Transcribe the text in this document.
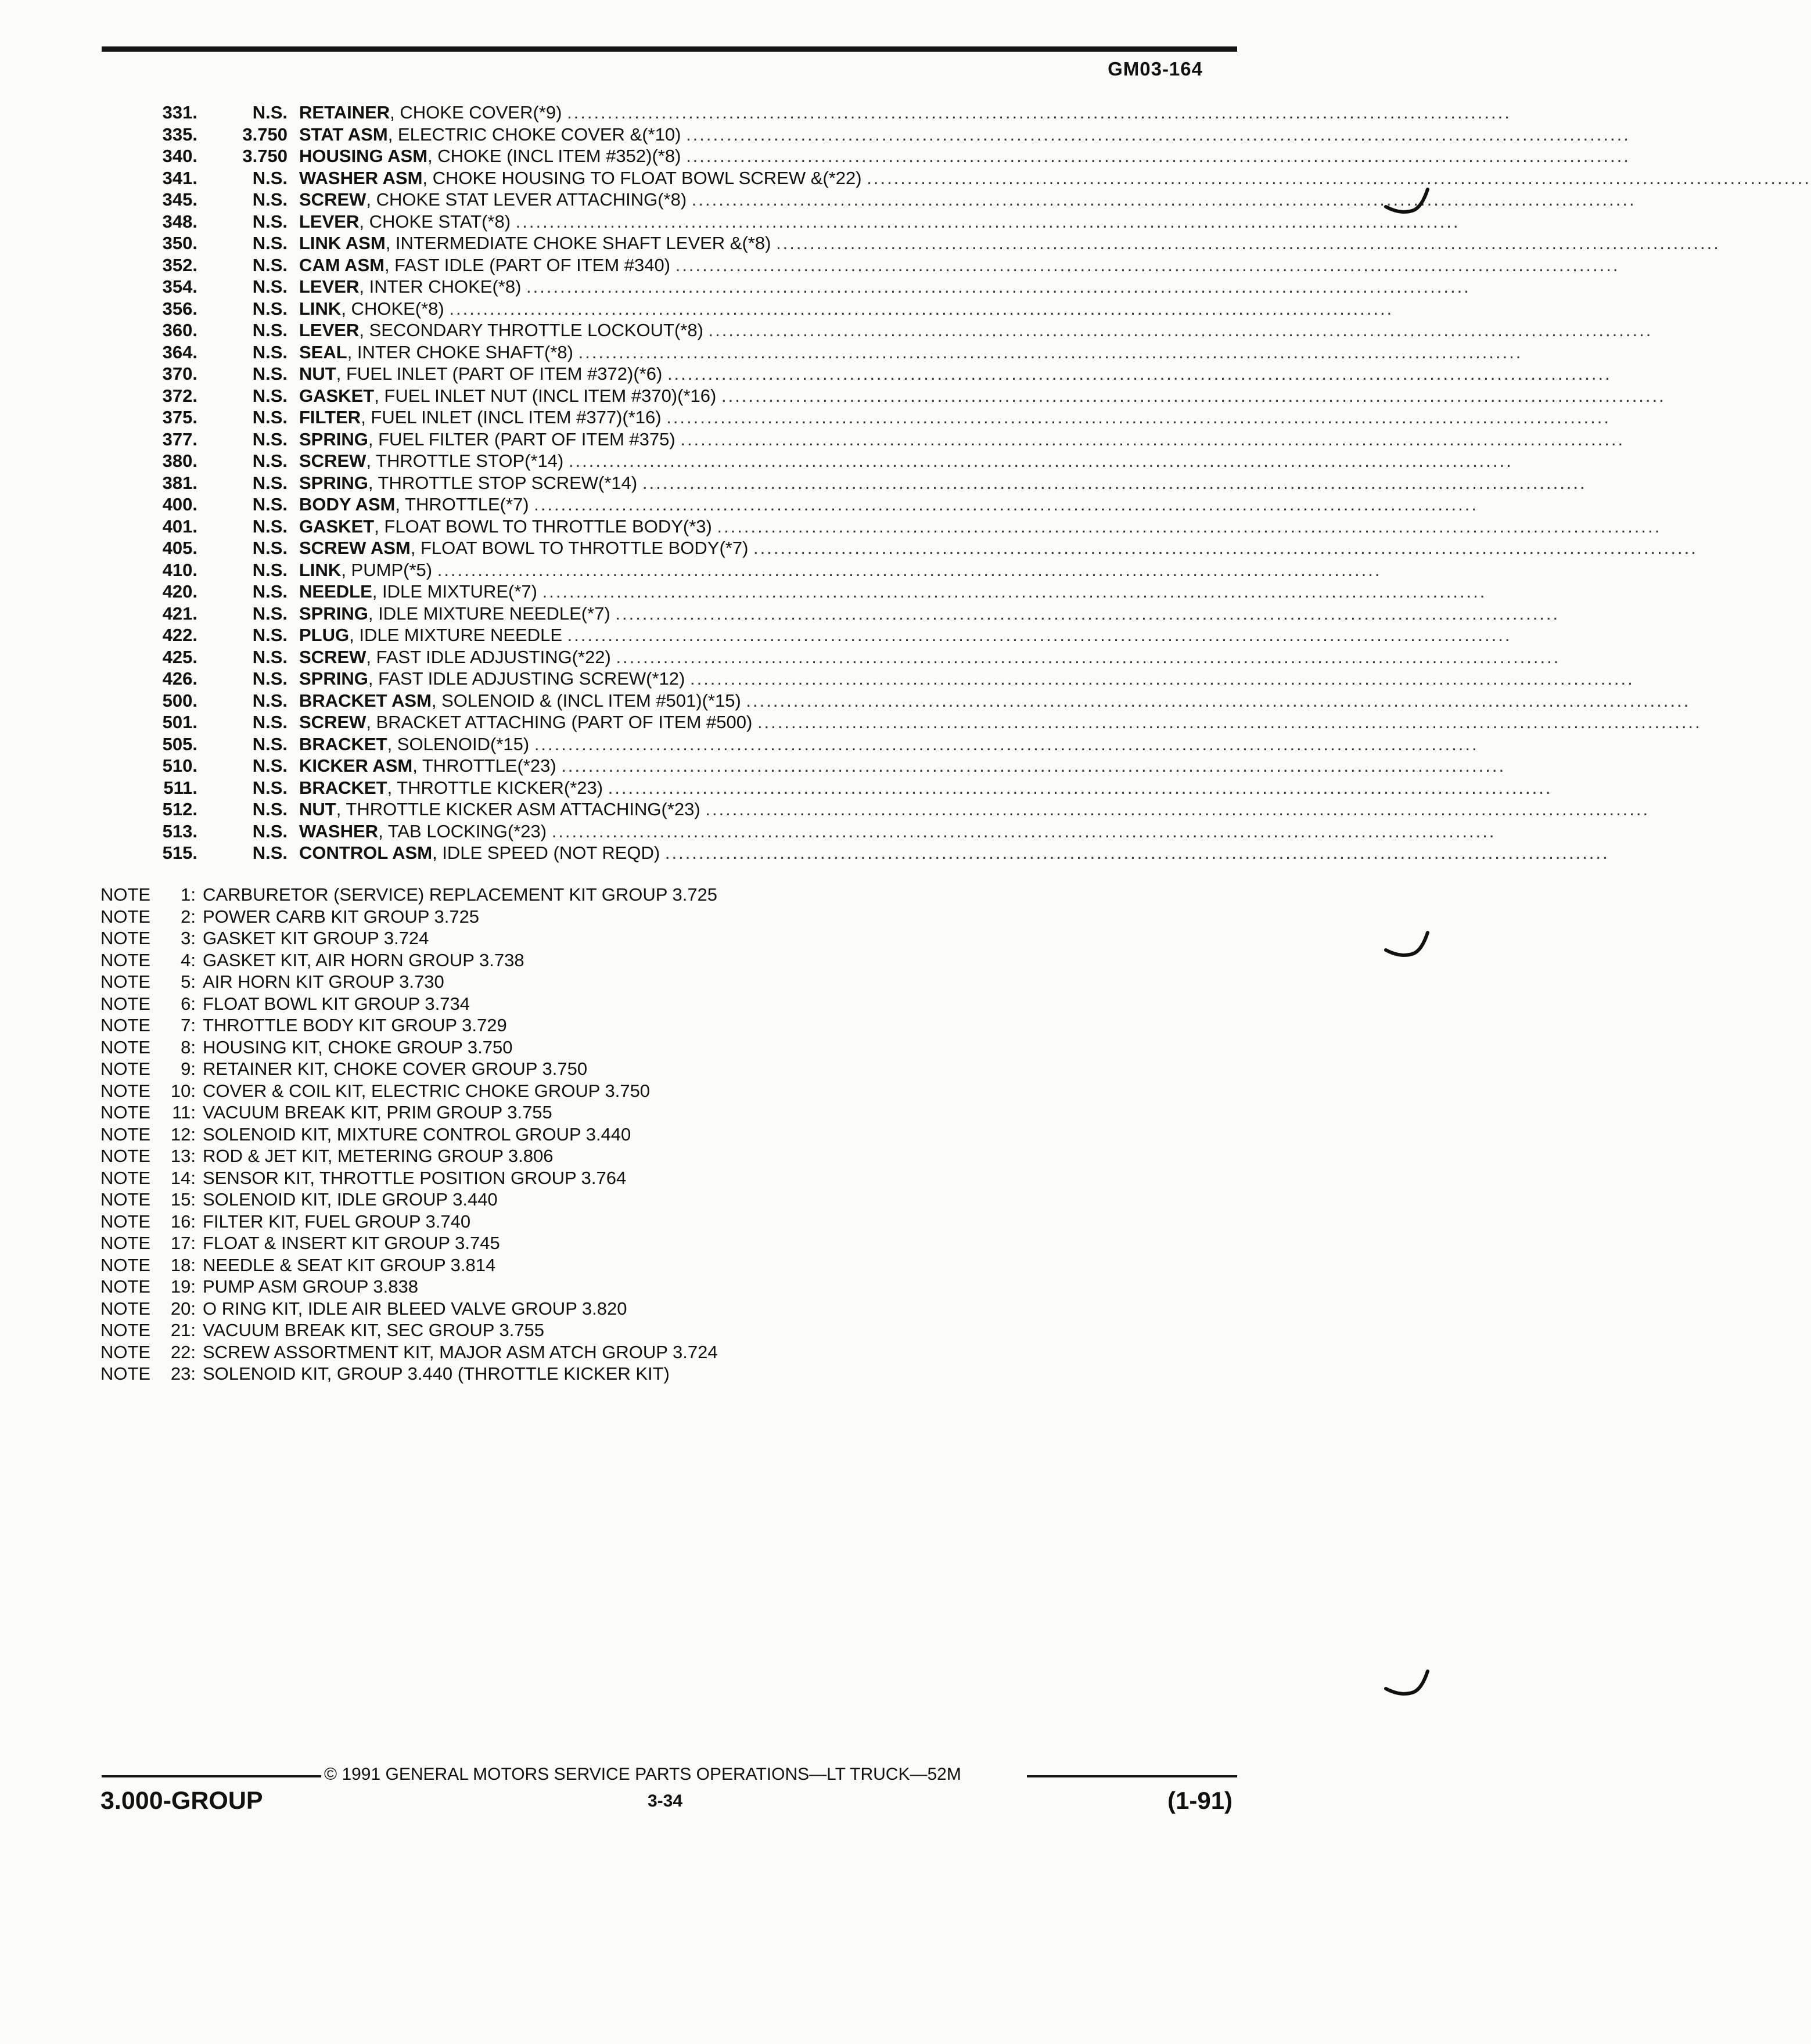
GM03-164
331.	N.S. RETAINER, CHOKE COVER(*9) ............................................................................................................................................
335.	3.750 STAT ASM, ELECTRIC CHOKE COVER &(*10) ............................................................................................................................................
340.	3.750 HOUSING ASM, CHOKE (INCL ITEM #352)(*8) ............................................................................................................................................
341.	N.S. WASHER ASM, CHOKE HOUSING TO FLOAT BOWL SCREW &(*22) ............................................................................................................................................
345.	N.S. SCREW, CHOKE STAT LEVER ATTACHING(*8) ............................................................................................................................................
348.	N.S. LEVER, CHOKE STAT(*8) ............................................................................................................................................
350.	N.S. LINK ASM, INTERMEDIATE CHOKE SHAFT LEVER &(*8) ............................................................................................................................................
352.	N.S. CAM ASM, FAST IDLE (PART OF ITEM #340) ............................................................................................................................................
354.	N.S. LEVER, INTER CHOKE(*8) ............................................................................................................................................
356.	N.S. LINK, CHOKE(*8) ............................................................................................................................................
360.	N.S. LEVER, SECONDARY THROTTLE LOCKOUT(*8) ............................................................................................................................................
364.	N.S. SEAL, INTER CHOKE SHAFT(*8) ............................................................................................................................................
370.	N.S. NUT, FUEL INLET (PART OF ITEM #372)(*6) ............................................................................................................................................
372.	N.S. GASKET, FUEL INLET NUT (INCL ITEM #370)(*16) ............................................................................................................................................
375.	N.S. FILTER, FUEL INLET (INCL ITEM #377)(*16) ............................................................................................................................................
377.	N.S. SPRING, FUEL FILTER (PART OF ITEM #375) ............................................................................................................................................
380.	N.S. SCREW, THROTTLE STOP(*14) ............................................................................................................................................
381.	N.S. SPRING, THROTTLE STOP SCREW(*14) ............................................................................................................................................
400.	N.S. BODY ASM, THROTTLE(*7) ............................................................................................................................................
401.	N.S. GASKET, FLOAT BOWL TO THROTTLE BODY(*3) ............................................................................................................................................
405.	N.S. SCREW ASM, FLOAT BOWL TO THROTTLE BODY(*7) ............................................................................................................................................
410.	N.S. LINK, PUMP(*5) ............................................................................................................................................
420.	N.S. NEEDLE, IDLE MIXTURE(*7) ............................................................................................................................................
421.	N.S. SPRING, IDLE MIXTURE NEEDLE(*7) ............................................................................................................................................
422.	N.S. PLUG, IDLE MIXTURE NEEDLE ............................................................................................................................................
425.	N.S. SCREW, FAST IDLE ADJUSTING(*22) ............................................................................................................................................
426.	N.S. SPRING, FAST IDLE ADJUSTING SCREW(*12) ............................................................................................................................................
500.	N.S. BRACKET ASM, SOLENOID & (INCL ITEM #501)(*15) ............................................................................................................................................
501.	N.S. SCREW, BRACKET ATTACHING (PART OF ITEM #500) ............................................................................................................................................
505.	N.S. BRACKET, SOLENOID(*15) ............................................................................................................................................
510.	N.S. KICKER ASM, THROTTLE(*23) ............................................................................................................................................
511.	N.S. BRACKET, THROTTLE KICKER(*23) ............................................................................................................................................
512.	N.S. NUT, THROTTLE KICKER ASM ATTACHING(*23) ............................................................................................................................................
513.	N.S. WASHER, TAB LOCKING(*23) ............................................................................................................................................
515.	N.S. CONTROL ASM, IDLE SPEED (NOT REQD) ............................................................................................................................................
NOTE 1: CARBURETOR (SERVICE) REPLACEMENT KIT GROUP 3.725
NOTE 2: POWER CARB KIT GROUP 3.725
NOTE 3: GASKET KIT GROUP 3.724
NOTE 4: GASKET KIT, AIR HORN GROUP 3.738
NOTE 5: AIR HORN KIT GROUP 3.730
NOTE 6: FLOAT BOWL KIT GROUP 3.734
NOTE 7: THROTTLE BODY KIT GROUP 3.729
NOTE 8: HOUSING KIT, CHOKE GROUP 3.750
NOTE 9: RETAINER KIT, CHOKE COVER GROUP 3.750
NOTE 10: COVER & COIL KIT, ELECTRIC CHOKE GROUP 3.750
NOTE 11: VACUUM BREAK KIT, PRIM GROUP 3.755
NOTE 12: SOLENOID KIT, MIXTURE CONTROL GROUP 3.440
NOTE 13: ROD & JET KIT, METERING GROUP 3.806
NOTE 14: SENSOR KIT, THROTTLE POSITION GROUP 3.764
NOTE 15: SOLENOID KIT, IDLE GROUP 3.440
NOTE 16: FILTER KIT, FUEL GROUP 3.740
NOTE 17: FLOAT & INSERT KIT GROUP 3.745
NOTE 18: NEEDLE & SEAT KIT GROUP 3.814
NOTE 19: PUMP ASM GROUP 3.838
NOTE 20: O RING KIT, IDLE AIR BLEED VALVE GROUP 3.820
NOTE 21: VACUUM BREAK KIT, SEC GROUP 3.755
NOTE 22: SCREW ASSORTMENT KIT, MAJOR ASM ATCH GROUP 3.724
NOTE 23: SOLENOID KIT, GROUP 3.440 (THROTTLE KICKER KIT)
© 1991 GENERAL MOTORS SERVICE PARTS OPERATIONS—LT TRUCK—52M
3.000-GROUP	3-34	(1-91)
